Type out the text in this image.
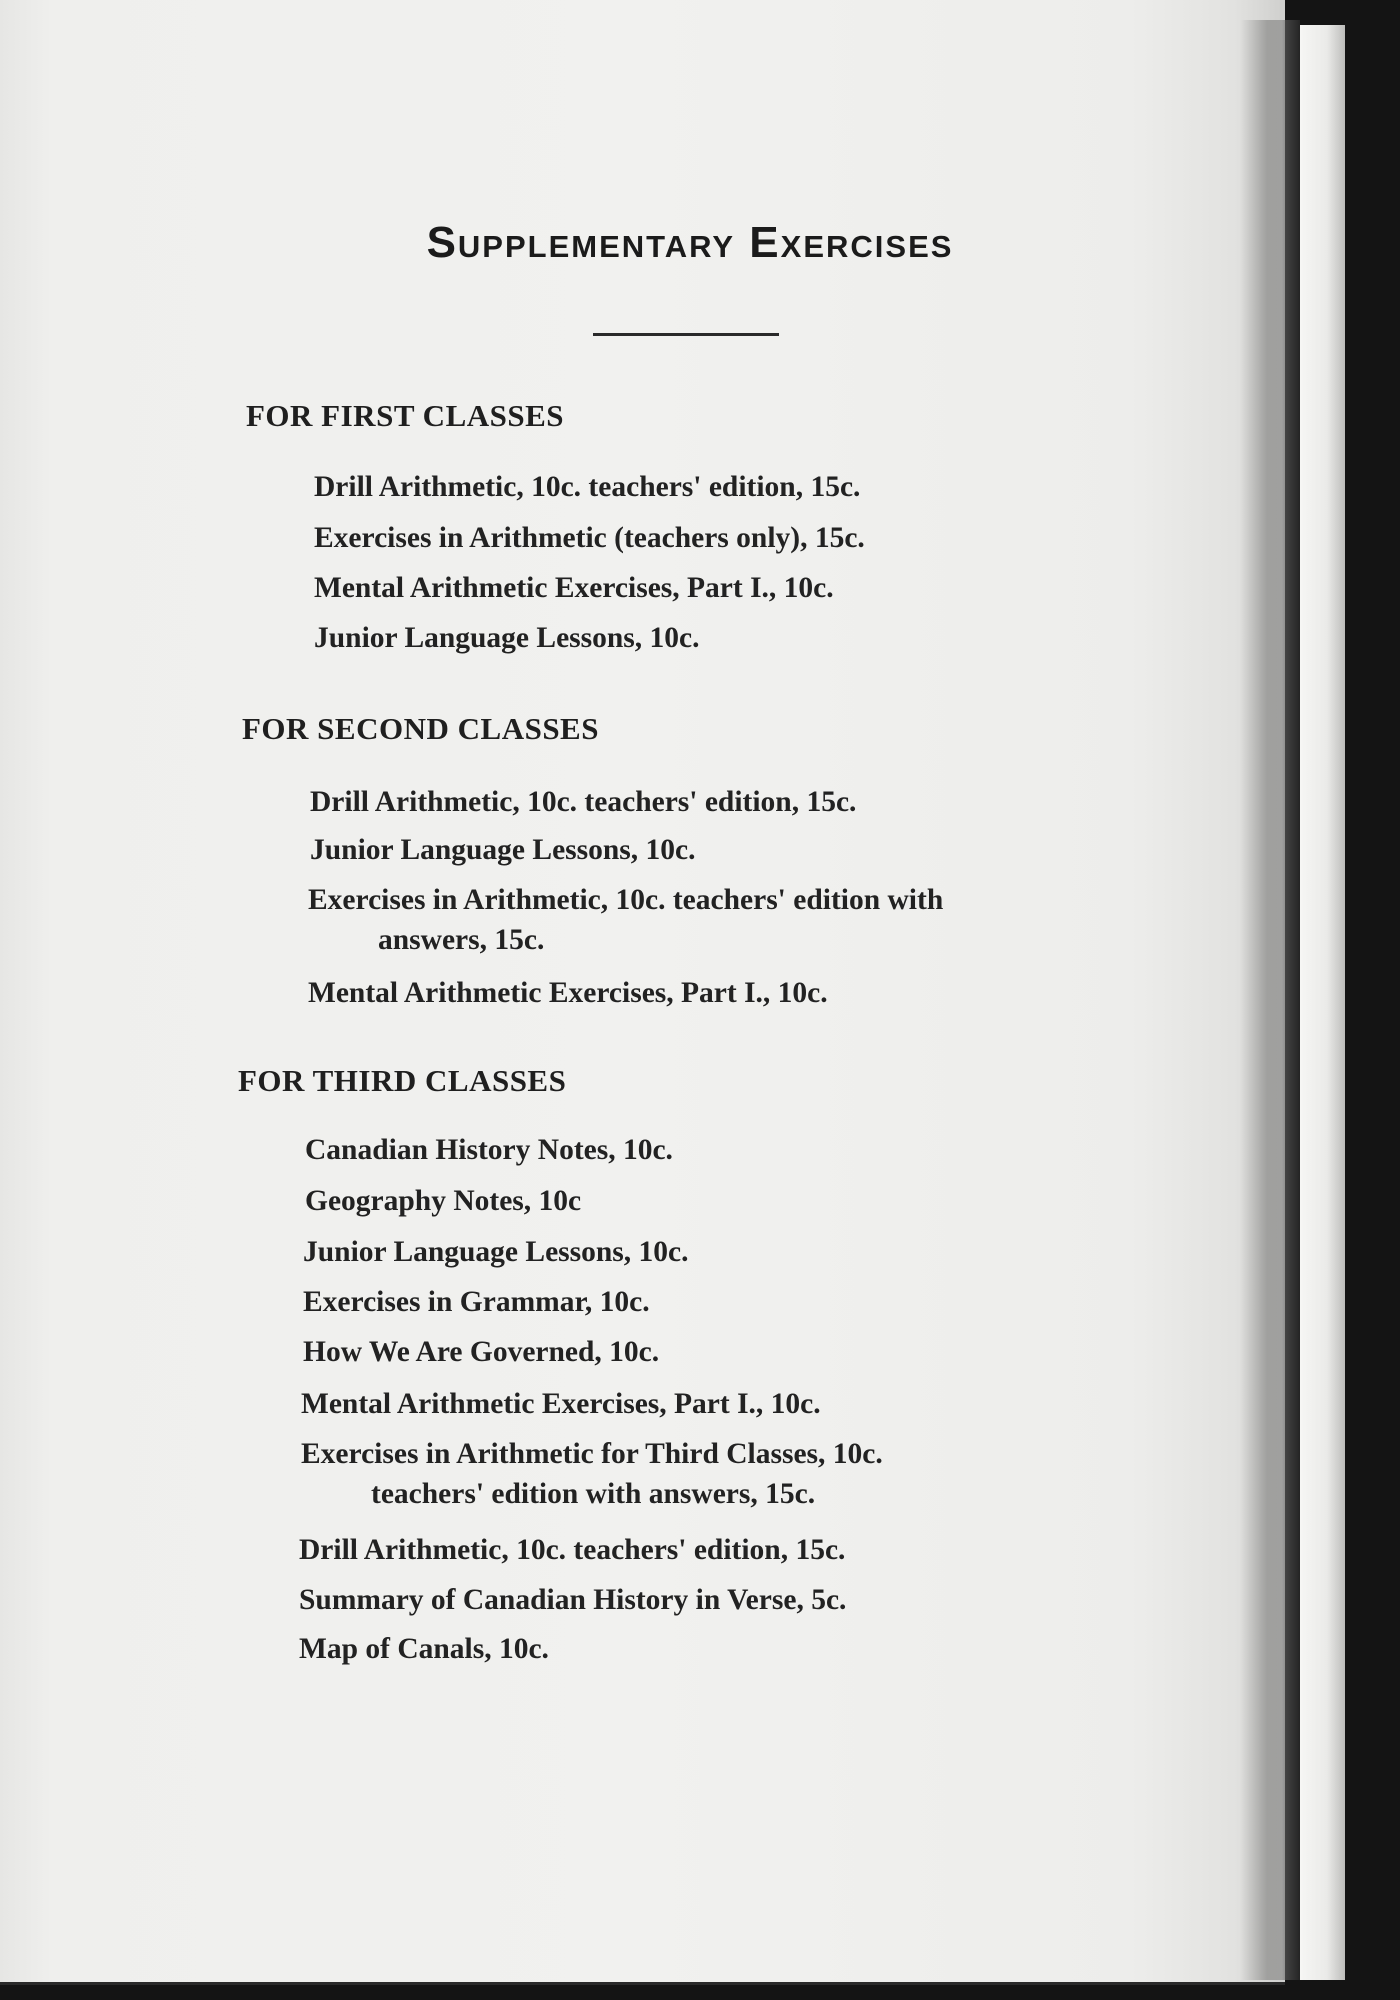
Supplementary Exercises
FOR FIRST CLASSES

Drill Arithmetic, 10c. teachers' edition, 15c.

Exercises in Arithmetic (teachers only), 15c.

Mental Arithmetic Exercises, Part I., 10c.

Junior Language Lessons, 10c.

FOR SECOND CLASSES

Drill Arithmetic, 10c. teachers' edition, 15c.

Junior Language Lessons, 10c.

Exercises in Arithmetic, 10c. teachers' edition with
answers, 15c.

Mental Arithmetic Exercises, Part I., 10c.

FOR THIRD CLASSES

Canadian History Notes, 10c.

Geography Notes, 10c

Junior Language Lessons, 10c.

Exercises in Grammar, 10c.

How We Are Governed, 10c.

Mental Arithmetic Exercises, Part I., 10c.

Exercises in Arithmetic for Third Classes, 10c.
teachers' edition with answers, 15c.

Drill Arithmetic, 10c. teachers' edition, 15c.

Summary of Canadian History in Verse, 5c.

Map of Canals, 10c.
